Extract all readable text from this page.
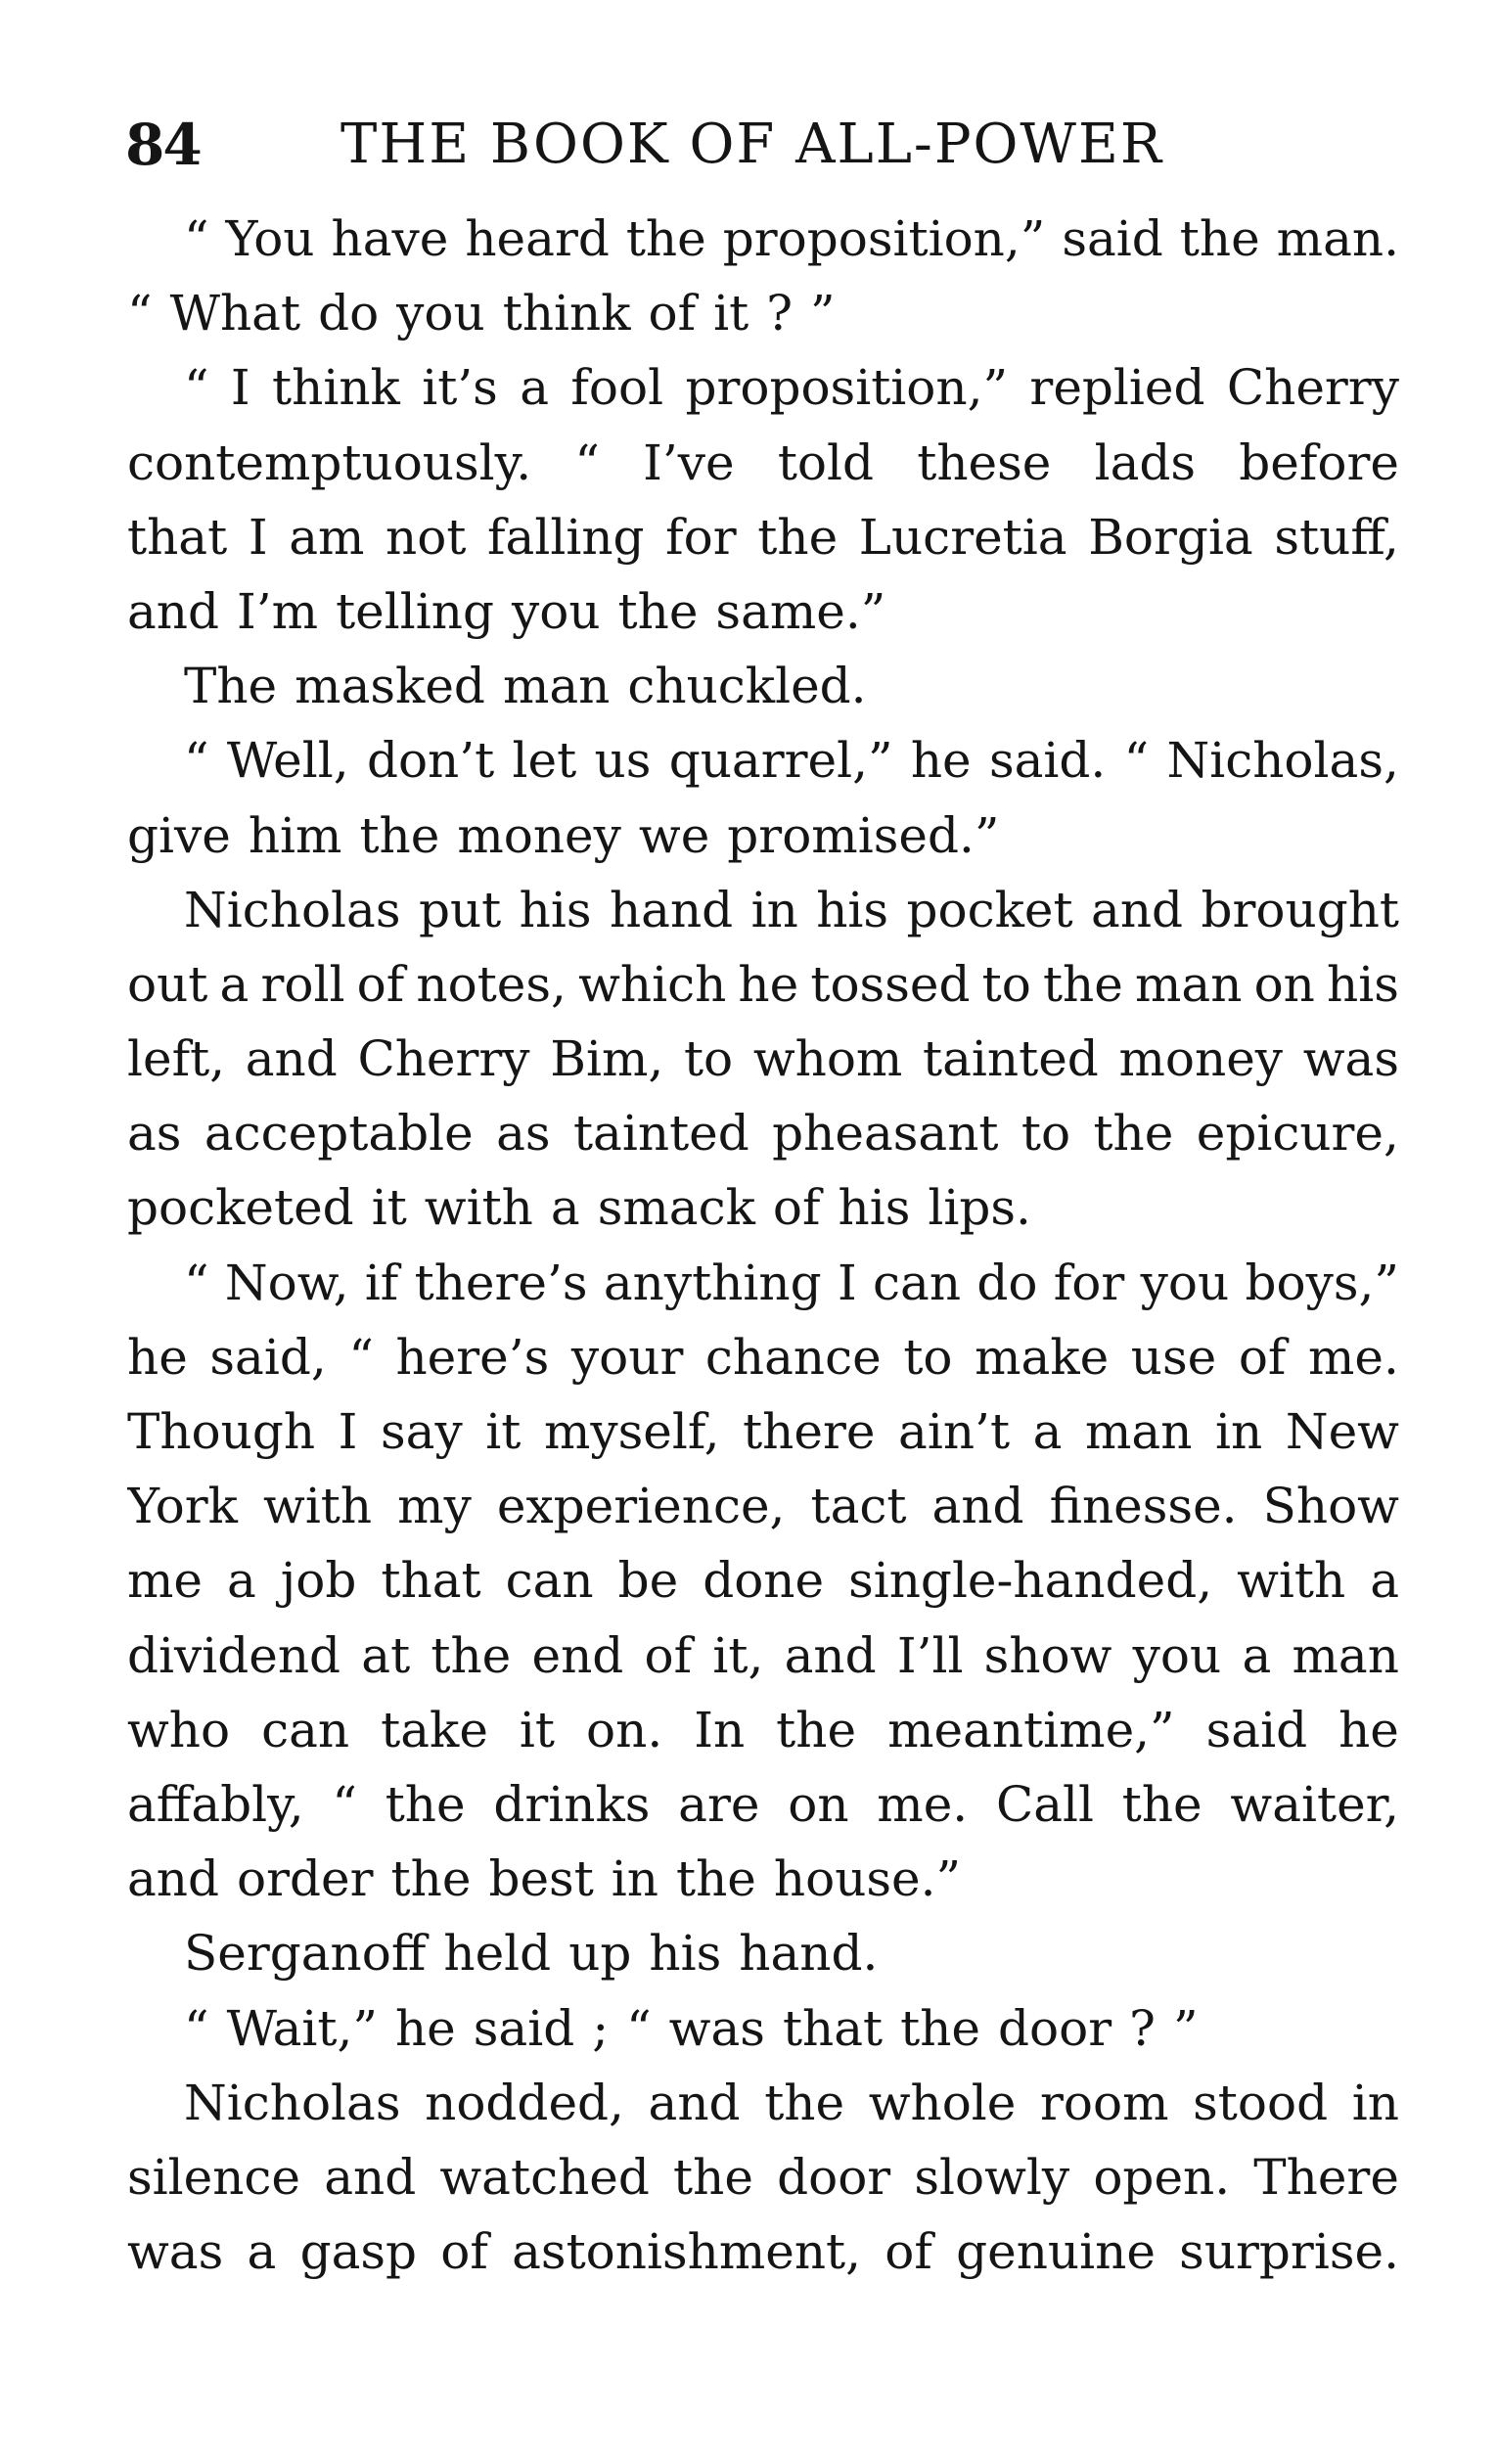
84	THE BOOK OF ALL-POWER
“ You have heard the proposition,” said the man.
“ What do you think of it ? ”
“ I think it’s a fool proposition,” replied Cherry
contemptuously. “ I’ve told these lads before
that I am not falling for the Lucretia Borgia stuff,
and I’m telling you the same.”
The masked man chuckled.
“ Well, don’t let us quarrel,” he said. “ Nicholas,
give him the money we promised.”
Nicholas put his hand in his pocket and brought
out a roll of notes, which he tossed to the man on his
left, and Cherry Bim, to whom tainted money was
as acceptable as tainted pheasant to the epicure,
pocketed it with a smack of his lips.
“ Now, if there’s anything I can do for you boys,”
he said, “ here’s your chance to make use of me.
Though I say it myself, there ain’t a man in New
York with my experience, tact and finesse. Show
me a job that can be done single-handed, with a
dividend at the end of it, and I’ll show you a man
who can take it on. In the meantime,” said he
affably, “ the drinks are on me. Call the waiter,
and order the best in the house.”
Serganoff held up his hand.
“ Wait,” he said ; “ was that the door ? ”
Nicholas nodded, and the whole room stood in
silence and watched the door slowly open. There
was a gasp of astonishment, of genuine surprise.
